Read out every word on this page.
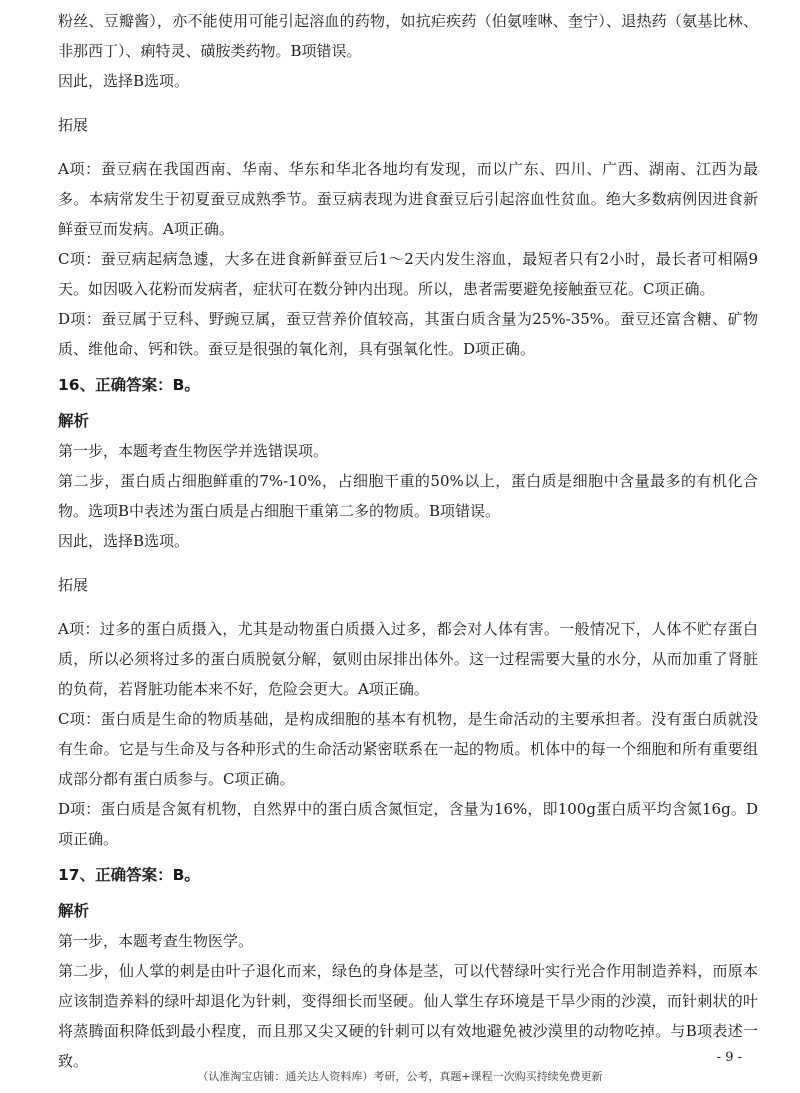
粉丝、豆瓣酱），亦不能使用可能引起溶血的药物，如抗疟疾药（伯氨喹啉、奎宁）、退热药（氨基比林、非那西丁）、痢特灵、磺胺类药物。B项错误。

因此，选择B选项。

拓展

A项：蚕豆病在我国西南、华南、华东和华北各地均有发现，而以广东、四川、广西、湖南、江西为最多。本病常发生于初夏蚕豆成熟季节。蚕豆病表现为进食蚕豆后引起溶血性贫血。绝大多数病例因进食新鲜蚕豆而发病。A项正确。

C项：蚕豆病起病急遽，大多在进食新鲜蚕豆后1～2天内发生溶血，最短者只有2小时，最长者可相隔9天。如因吸入花粉而发病者，症状可在数分钟内出现。所以，患者需要避免接触蚕豆花。C项正确。

D项：蚕豆属于豆科、野豌豆属，蚕豆营养价值较高，其蛋白质含量为25%-35%。蚕豆还富含糖、矿物质、维他命、钙和铁。蚕豆是很强的氧化剂，具有强氧化性。D项正确。

16、正确答案：B。

解析

第一步，本题考查生物医学并选错误项。

第二步，蛋白质占细胞鲜重的7%-10%，占细胞干重的50%以上，蛋白质是细胞中含量最多的有机化合物。选项B中表述为蛋白质是占细胞干重第二多的物质。B项错误。

因此，选择B选项。

拓展

A项：过多的蛋白质摄入，尤其是动物蛋白质摄入过多，都会对人体有害。一般情况下，人体不贮存蛋白质，所以必须将过多的蛋白质脱氨分解，氨则由尿排出体外。这一过程需要大量的水分，从而加重了肾脏的负荷，若肾脏功能本来不好，危险会更大。A项正确。

C项：蛋白质是生命的物质基础，是构成细胞的基本有机物，是生命活动的主要承担者。没有蛋白质就没有生命。它是与生命及与各种形式的生命活动紧密联系在一起的物质。机体中的每一个细胞和所有重要组成部分都有蛋白质参与。C项正确。

D项：蛋白质是含氮有机物，自然界中的蛋白质含氮恒定，含量为16%，即100g蛋白质平均含氮16g。D项正确。

17、正确答案：B。

解析

第一步，本题考查生物医学。

第二步，仙人掌的刺是由叶子退化而来，绿色的身体是茎，可以代替绿叶实行光合作用制造养料，而原本应该制造养料的绿叶却退化为针刺，变得细长而坚硬。仙人掌生存环境是干旱少雨的沙漠，而针刺状的叶将蒸腾面积降低到最小程度，而且那又尖又硬的针刺可以有效地避免被沙漠里的动物吃掉。与B项表述一致。	- 9 -
（认准淘宝店铺：通关达人资料库）考研，公考，真题+课程一次购买持续免费更新
